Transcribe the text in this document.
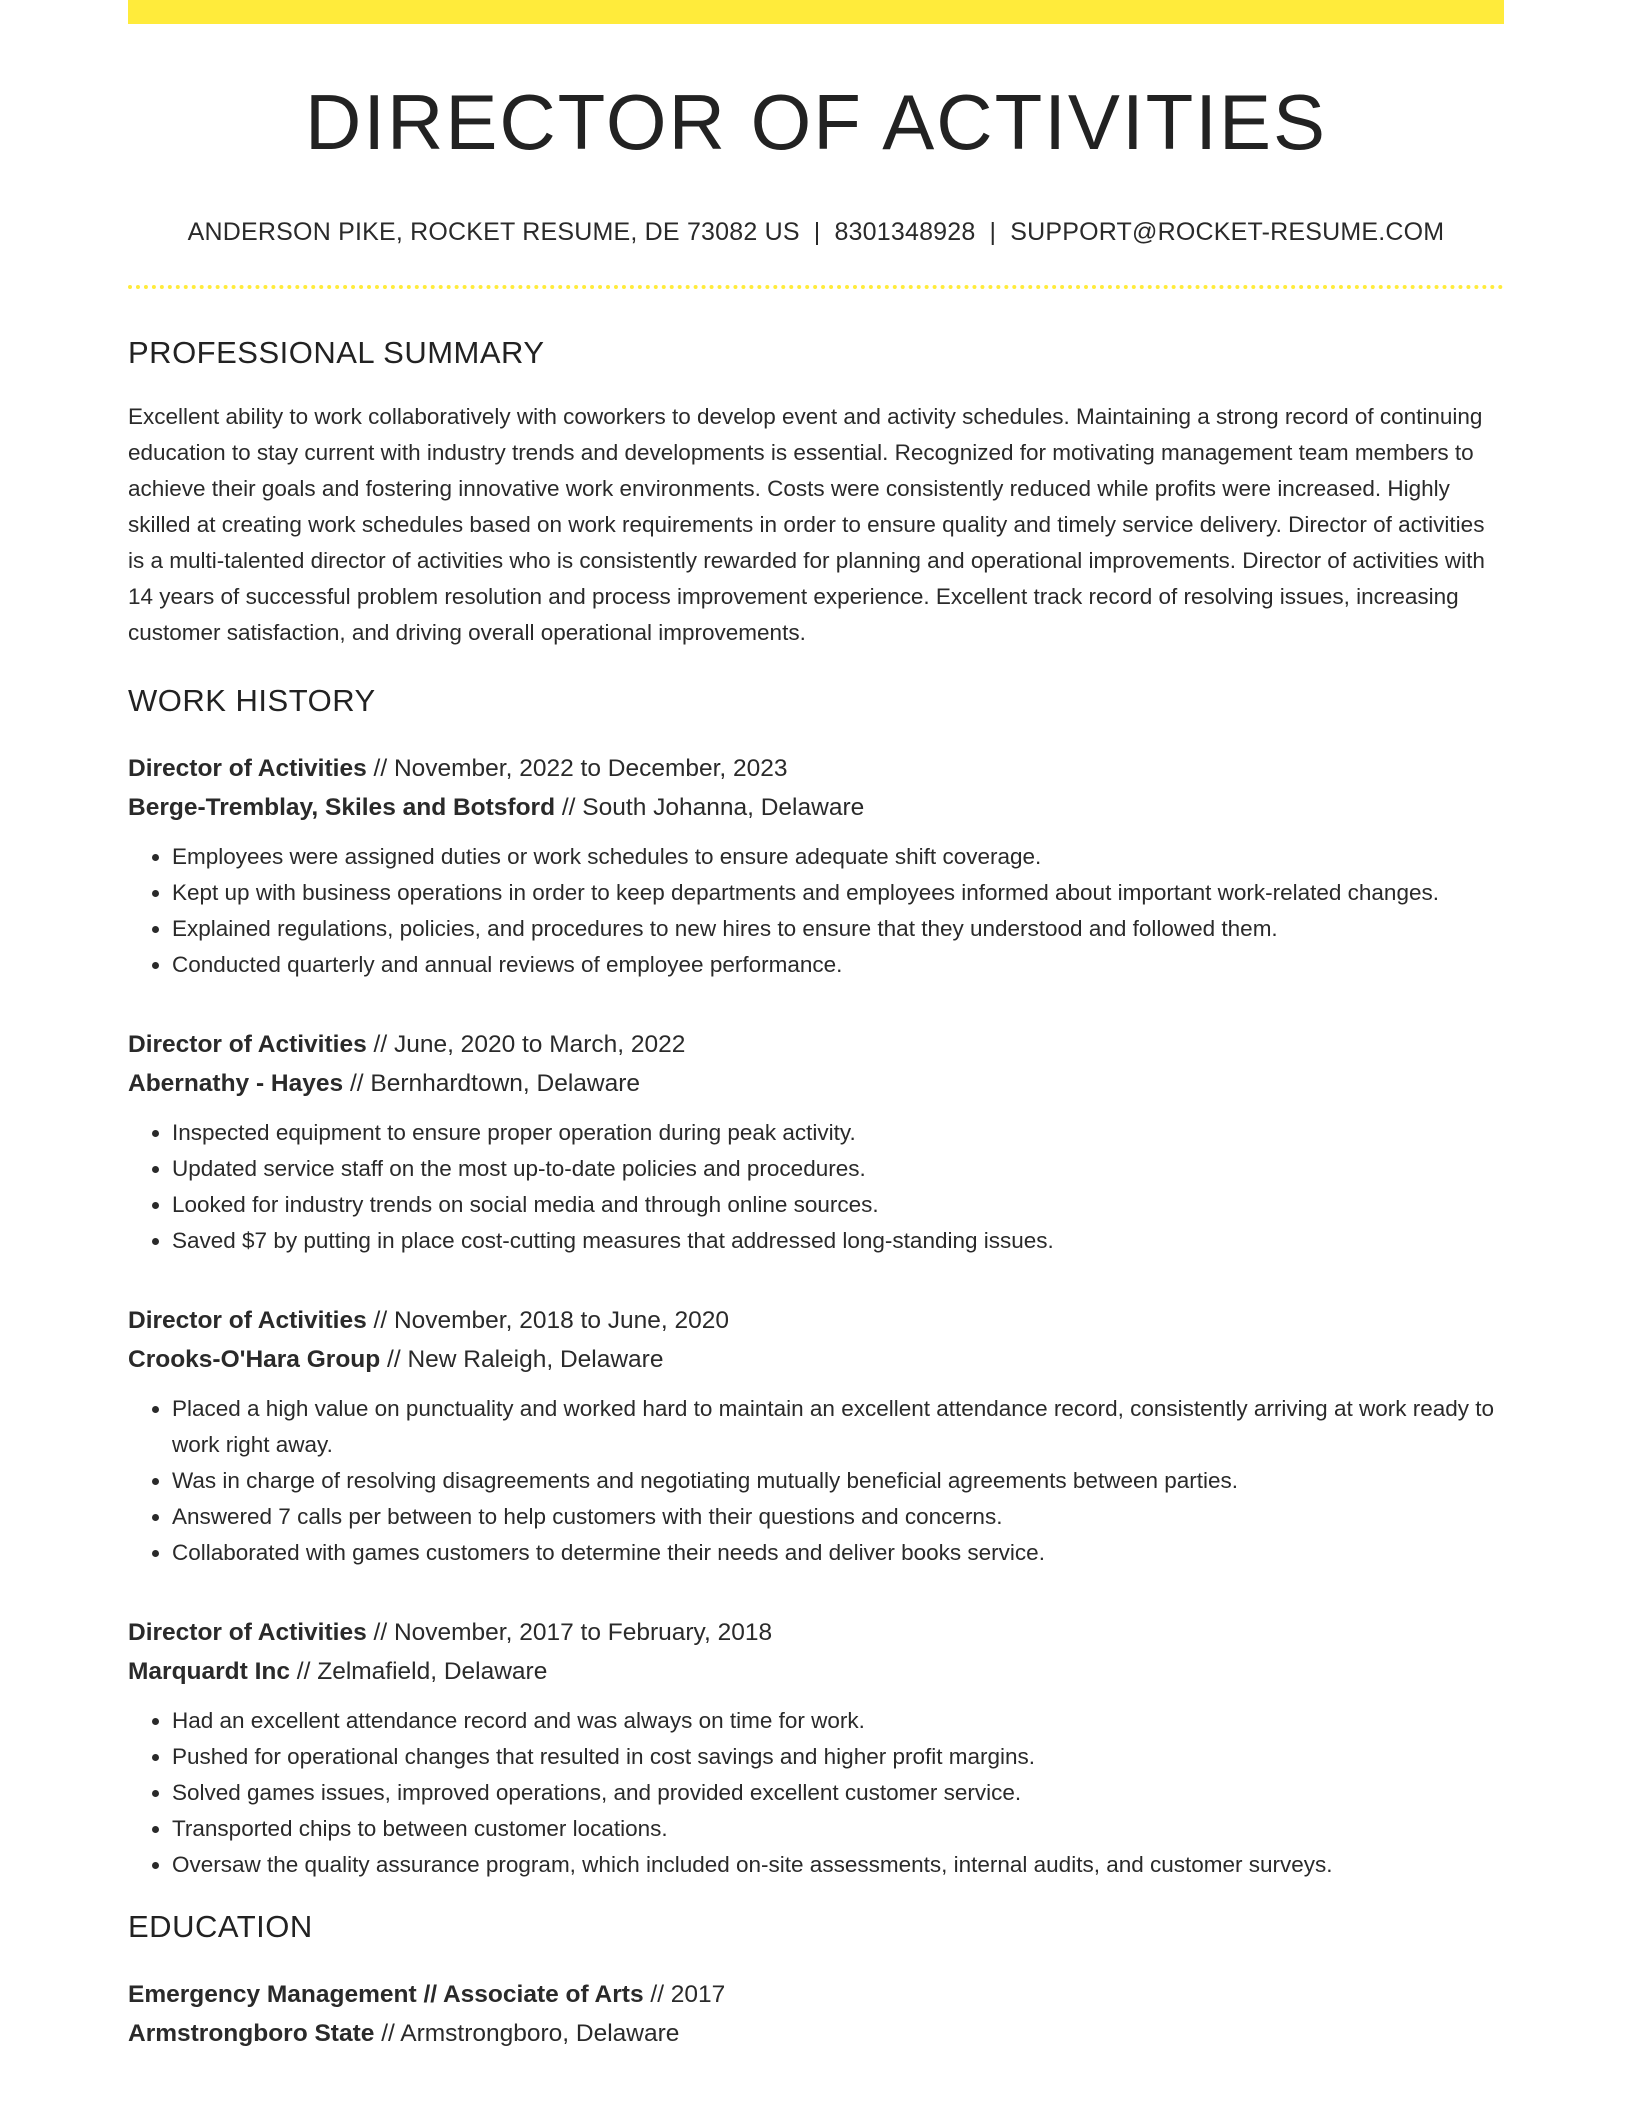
DIRECTOR OF ACTIVITIES
ANDERSON PIKE, ROCKET RESUME, DE 73082 US | 8301348928 | SUPPORT@ROCKET-RESUME.COM
PROFESSIONAL SUMMARY

Excellent ability to work collaboratively with coworkers to develop event and activity schedules. Maintaining a strong record of continuing education to stay current with industry trends and developments is essential. Recognized for motivating management team members to achieve their goals and fostering innovative work environments. Costs were consistently reduced while profits were increased. Highly skilled at creating work schedules based on work requirements in order to ensure quality and timely service delivery. Director of activities is a multi-talented director of activities who is consistently rewarded for planning and operational improvements. Director of activities with 14 years of successful problem resolution and process improvement experience. Excellent track record of resolving issues, increasing customer satisfaction, and driving overall operational improvements.

WORK HISTORY
Director of Activities // November, 2022 to December, 2023
Berge-Tremblay, Skiles and Botsford // South Johanna, Delaware
• Employees were assigned duties or work schedules to ensure adequate shift coverage.
• Kept up with business operations in order to keep departments and employees informed about important work-related changes.
• Explained regulations, policies, and procedures to new hires to ensure that they understood and followed them.
• Conducted quarterly and annual reviews of employee performance.
Director of Activities // June, 2020 to March, 2022
Abernathy - Hayes // Bernhardtown, Delaware
• Inspected equipment to ensure proper operation during peak activity.
• Updated service staff on the most up-to-date policies and procedures.
• Looked for industry trends on social media and through online sources.
• Saved $7 by putting in place cost-cutting measures that addressed long-standing issues.
Director of Activities // November, 2018 to June, 2020
Crooks-O'Hara Group // New Raleigh, Delaware
• Placed a high value on punctuality and worked hard to maintain an excellent attendance record, consistently arriving at work ready to work right away.
• Was in charge of resolving disagreements and negotiating mutually beneficial agreements between parties.
• Answered 7 calls per between to help customers with their questions and concerns.
• Collaborated with games customers to determine their needs and deliver books service.
Director of Activities // November, 2017 to February, 2018
Marquardt Inc // Zelmafield, Delaware
• Had an excellent attendance record and was always on time for work.
• Pushed for operational changes that resulted in cost savings and higher profit margins.
• Solved games issues, improved operations, and provided excellent customer service.
• Transported chips to between customer locations.
• Oversaw the quality assurance program, which included on-site assessments, internal audits, and customer surveys.
EDUCATION
Emergency Management // Associate of Arts // 2017
Armstrongboro State // Armstrongboro, Delaware
